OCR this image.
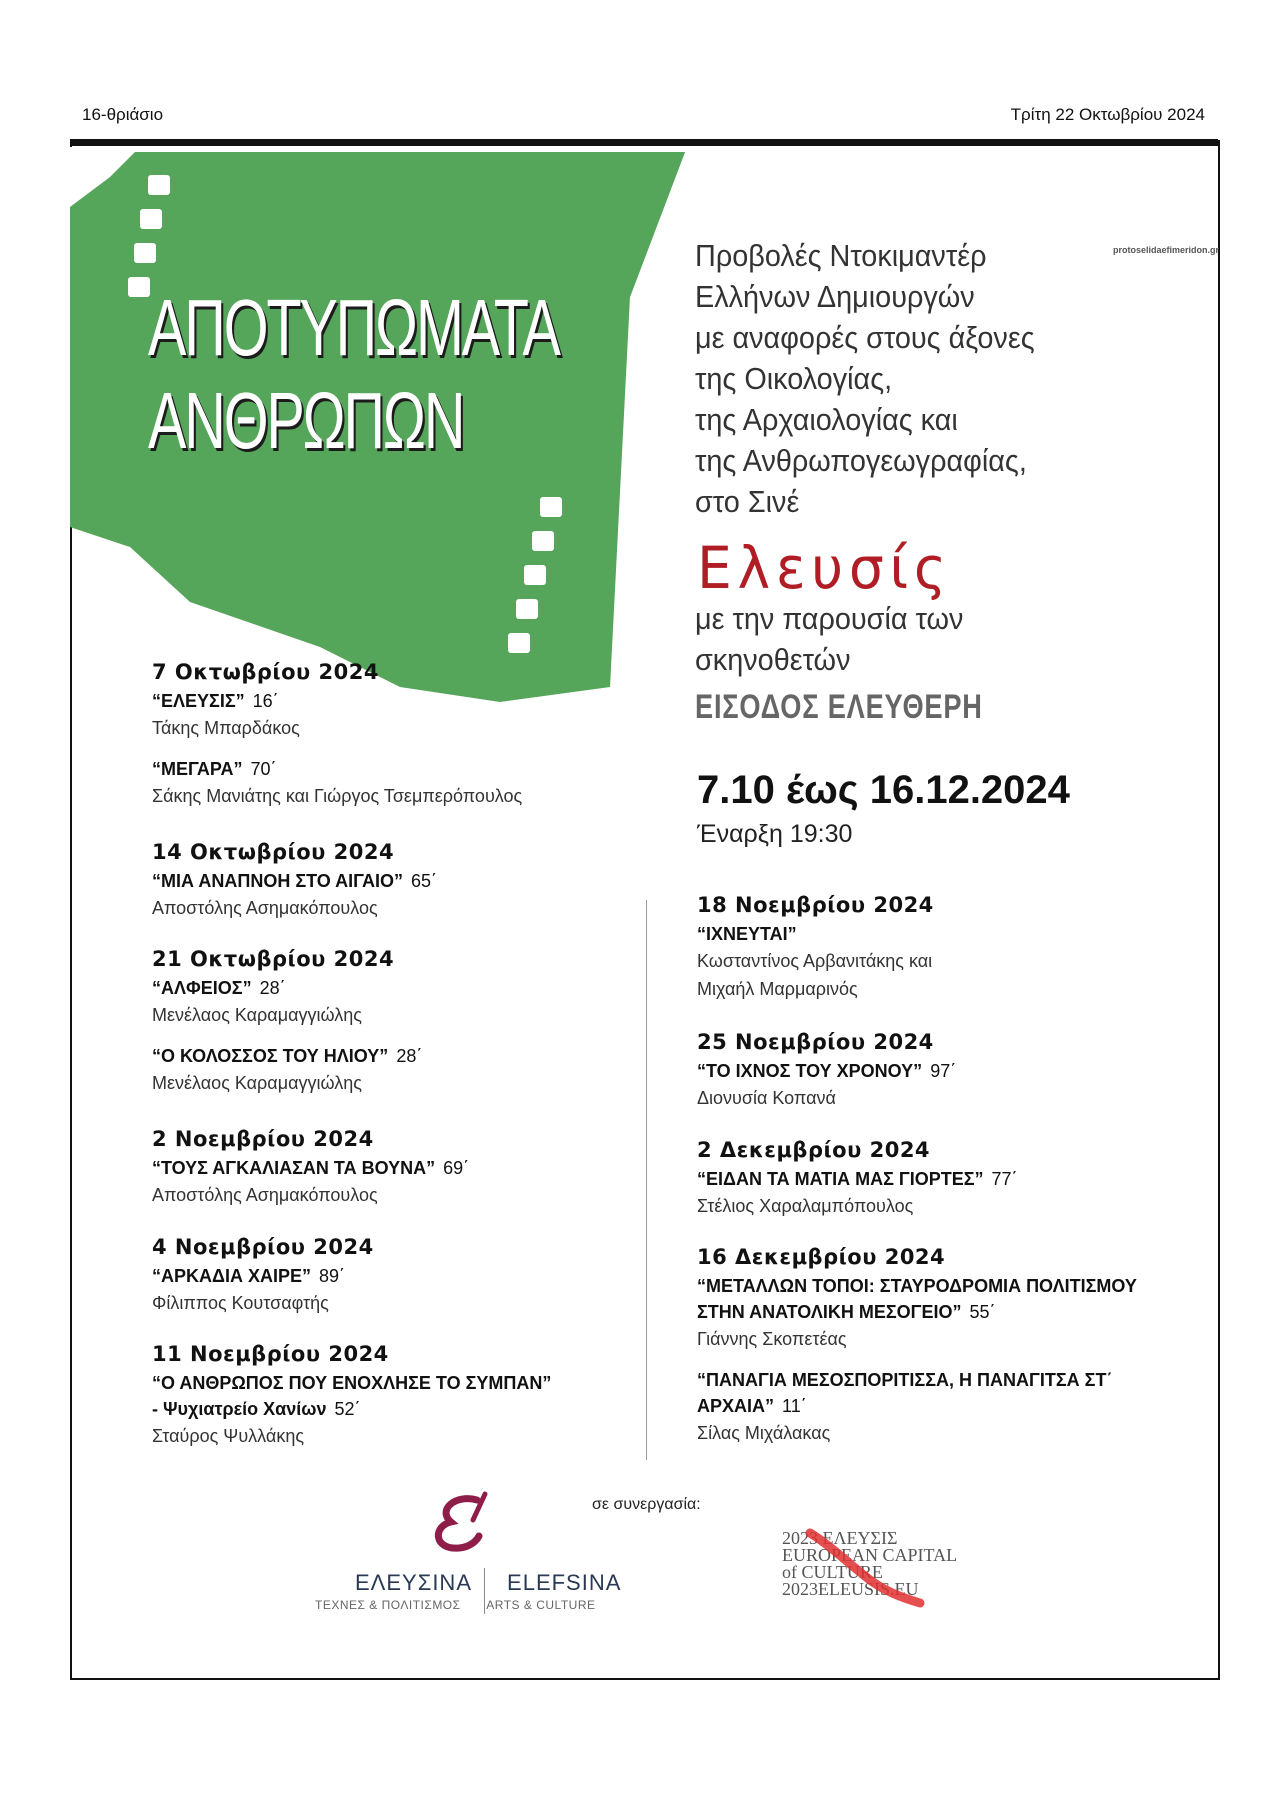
16-θριάσιο	Τρίτη 22 Οκτωβρίου 2024
protoselidaefimeridon.gr
ΑΠΟΤΥΠΩΜΑΤΑ
ΑΝΘΡΩΠΩΝ
Προβολές Ντοκιμαντέρ
Ελλήνων Δημιουργών
με αναφορές στους άξονες
της Οικολογίας,
της Αρχαιολογίας και
της Ανθρωπογεωγραφίας,
στο Σινέ
Ελευσίς
με την παρουσία των
σκηνοθετών
ΕΙΣΟΔΟΣ ΕΛΕΥΘΕΡΗ
7.10 έως 16.12.2024
Έναρξη 19:30
7 Οκτωβρίου 2024
“ΕΛΕΥΣΙΣ” 16΄
Τάκης Μπαρδάκος
“ΜΕΓΑΡΑ” 70΄
Σάκης Μανιάτης και Γιώργος Τσεμπερόπουλος
14 Οκτωβρίου 2024
“ΜΙΑ ΑΝΑΠΝΟΗ ΣΤΟ ΑΙΓΑΙΟ” 65΄
Αποστόλης Ασημακόπουλος
21 Οκτωβρίου 2024
“ΑΛΦΕΙΟΣ” 28΄
Μενέλαος Καραμαγγιώλης
“Ο ΚΟΛΟΣΣΟΣ ΤΟΥ ΗΛΙΟΥ” 28΄
Μενέλαος Καραμαγγιώλης
2 Νοεμβρίου 2024
“ΤΟΥΣ ΑΓΚΑΛΙΑΣΑΝ ΤΑ ΒΟΥΝΑ” 69΄
Αποστόλης Ασημακόπουλος
4 Νοεμβρίου 2024
“ΑΡΚΑΔΙΑ ΧΑΙΡΕ” 89΄
Φίλιππος Κουτσαφτής
11 Νοεμβρίου 2024
“Ο ΑΝΘΡΩΠΟΣ ΠΟΥ ΕΝΟΧΛΗΣΕ ΤΟ ΣΥΜΠΑΝ” - Ψυχιατρείο Χανίων 52΄
Σταύρος Ψυλλάκης
18 Νοεμβρίου 2024
“ΙΧΝΕΥΤΑΙ”
Κωσταντίνος Αρβανιτάκης και Μιχαήλ Μαρμαρινός
25 Νοεμβρίου 2024
“ΤΟ ΙΧΝΟΣ ΤΟΥ ΧΡΟΝΟΥ” 97΄
Διονυσία Κοπανά
2 Δεκεμβρίου 2024
“ΕΙΔΑΝ ΤΑ ΜΑΤΙΑ ΜΑΣ ΓΙΟΡΤΕΣ” 77΄
Στέλιος Χαραλαμπόπουλος
16 Δεκεμβρίου 2024
“ΜΕΤΑΛΛΩΝ ΤΟΠΟΙ: ΣΤΑΥΡΟΔΡΟΜΙΑ ΠΟΛΙΤΙΣΜΟΥ ΣΤΗΝ ΑΝΑΤΟΛΙΚΗ ΜΕΣΟΓΕΙΟ” 55΄
Γιάννης Σκοπετέας
“ΠΑΝΑΓΙΑ ΜΕΣΟΣΠΟΡΙΤΙΣΣΑ, Η ΠΑΝΑΓΙΤΣΑ ΣΤ΄ ΑΡΧΑΙΑ” 11΄
Σίλας Μιχάλακας
σε συνεργασία:
ΕΛΕΥΣΙΝΑ ELEFSINA
ΤΕΧΝΕΣ & ΠΟΛΙΤΙΣΜΟΣ ARTS & CULTURE
2023 ΕΛΕΥΣΙΣ
EUROPEAN CAPITAL
of CULTURE
2023ELEUSIS.EU
